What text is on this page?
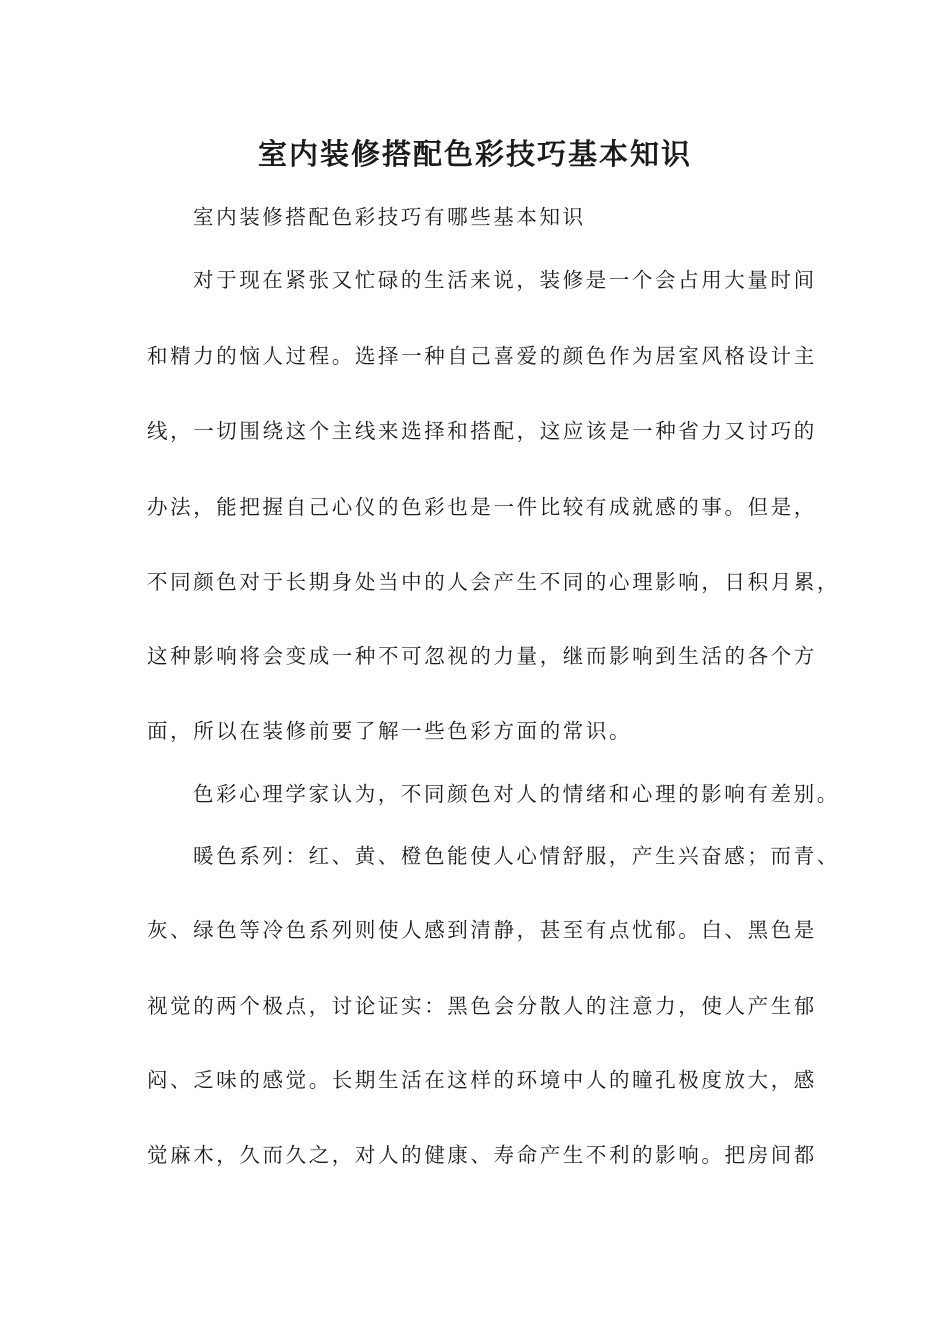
室内装修搭配色彩技巧基本知识

室内装修搭配色彩技巧有哪些基本知识

对于现在紧张又忙碌的生活来说，装修是一个会占用大量时间

和精力的恼人过程。选择一种自己喜爱的颜色作为居室风格设计主

线，一切围绕这个主线来选择和搭配，这应该是一种省力又讨巧的

办法，能把握自己心仪的色彩也是一件比较有成就感的事。但是，

不同颜色对于长期身处当中的人会产生不同的心理影响，日积月累，

这种影响将会变成一种不可忽视的力量，继而影响到生活的各个方

面，所以在装修前要了解一些色彩方面的常识。

色彩心理学家认为，不同颜色对人的情绪和心理的影响有差别。

暖色系列：红、黄、橙色能使人心情舒服，产生兴奋感；而青、

灰、绿色等冷色系列则使人感到清静，甚至有点忧郁。白、黑色是

视觉的两个极点，讨论证实：黑色会分散人的注意力，使人产生郁

闷、乏味的感觉。长期生活在这样的环境中人的瞳孔极度放大，感

觉麻木，久而久之，对人的健康、寿命产生不利的影响。把房间都
